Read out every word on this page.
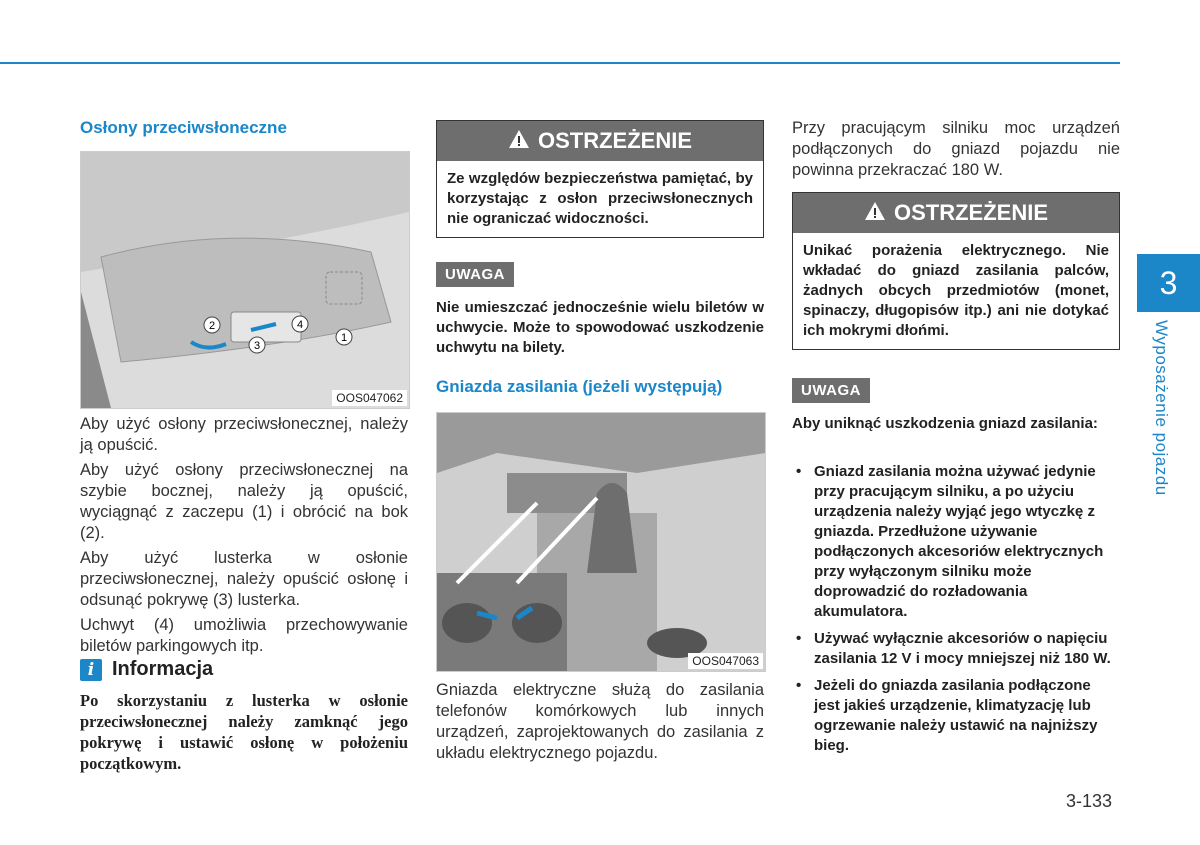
Osłony przeciwsłoneczne
2
3
4
1
OOS047062

Aby użyć osłony przeciwsłonecznej, należy ją opuścić.

Aby użyć osłony przeciwsłonecznej na szybie bocznej, należy ją opuścić, wyciągnąć z zaczepu (1) i obrócić na bok (2).

Aby użyć lusterka w osłonie przeciwsłonecznej, należy opuścić osłonę i odsunąć pokrywę (3) lusterka.

Uchwyt (4) umożliwia przechowywanie biletów parkingowych itp.

i Informacja
Po skorzystaniu z lusterka w osłonie przeciwsłonecznej należy zamknąć jego pokrywę i ustawić osłonę w położeniu początkowym.
OSTRZEŻENIE
Ze względów bezpieczeństwa pamiętać, by korzystając z osłon przeciwsłonecznych nie ograniczać widoczności.
UWAGA
Nie umieszczać jednocześnie wielu biletów w uchwycie. Może to spowodować uszkodzenie uchwytu na bilety.
Gniazda zasilania (jeżeli występują)
OOS047063

Gniazda elektryczne służą do zasilania telefonów komórkowych lub innych urządzeń, zaprojektowanych do zasilania z układu elektrycznego pojazdu.

Przy pracującym silniku moc urządzeń podłączonych do gniazd pojazdu nie powinna przekraczać 180 W.

OSTRZEŻENIE
Unikać porażenia elektrycznego. Nie wkładać do gniazd zasilania palców, żadnych obcych przedmiotów (monet, spinaczy, długopisów itp.) ani nie dotykać ich mokrymi dłońmi.
UWAGA
Aby uniknąć uszkodzenia gniazd zasilania:
• Gniazd zasilania można używać jedynie przy pracującym silniku, a po użyciu urządzenia należy wyjąć jego wtyczkę z gniazda. Przedłużone używanie podłączonych akcesoriów elektrycznych przy wyłączonym silniku może doprowadzić do rozładowania akumulatora.
• Używać wyłącznie akcesoriów o napięciu zasilania 12 V i mocy mniejszej niż 180 W.
• Jeżeli do gniazda zasilania podłączone jest jakieś urządzenie, klimatyzację lub ogrzewanie należy ustawić na najniższy bieg.
3
Wyposażenie pojazdu
3-133
